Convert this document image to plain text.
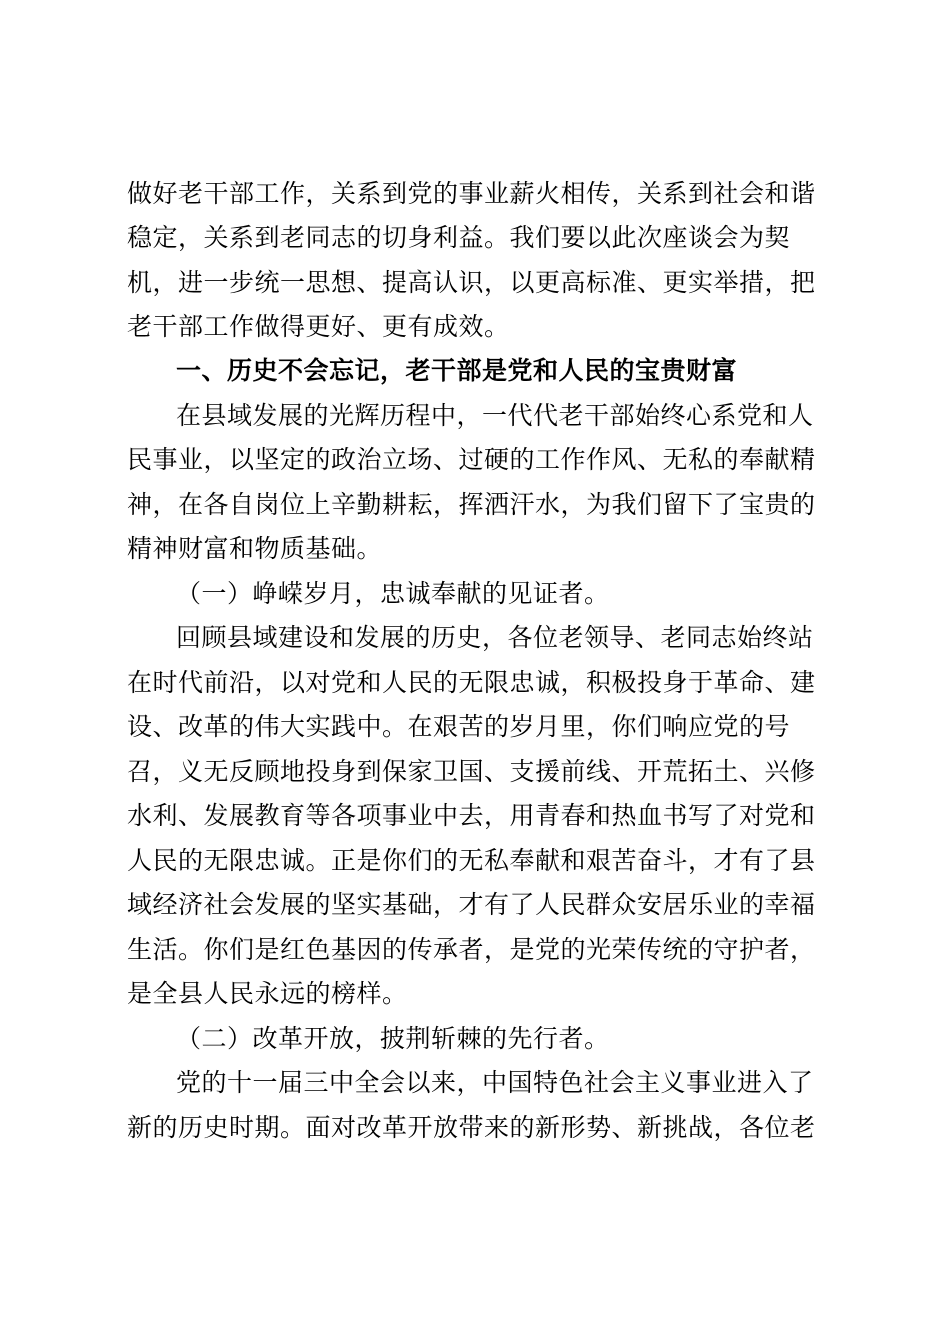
做好老干部工作，关系到党的事业薪火相传，关系到社会和谐
稳定，关系到老同志的切身利益。我们要以此次座谈会为契
机，进一步统一思想、提高认识，以更高标准、更实举措，把
老干部工作做得更好、更有成效。
一、历史不会忘记，老干部是党和人民的宝贵财富
在县域发展的光辉历程中，一代代老干部始终心系党和人
民事业，以坚定的政治立场、过硬的工作作风、无私的奉献精
神，在各自岗位上辛勤耕耘，挥洒汗水，为我们留下了宝贵的
精神财富和物质基础。
（一）峥嵘岁月，忠诚奉献的见证者。
回顾县域建设和发展的历史，各位老领导、老同志始终站
在时代前沿，以对党和人民的无限忠诚，积极投身于革命、建
设、改革的伟大实践中。在艰苦的岁月里，你们响应党的号
召，义无反顾地投身到保家卫国、支援前线、开荒拓土、兴修
水利、发展教育等各项事业中去，用青春和热血书写了对党和
人民的无限忠诚。正是你们的无私奉献和艰苦奋斗，才有了县
域经济社会发展的坚实基础，才有了人民群众安居乐业的幸福
生活。你们是红色基因的传承者，是党的光荣传统的守护者，
是全县人民永远的榜样。
（二）改革开放，披荆斩棘的先行者。
党的十一届三中全会以来，中国特色社会主义事业进入了
新的历史时期。面对改革开放带来的新形势、新挑战，各位老
